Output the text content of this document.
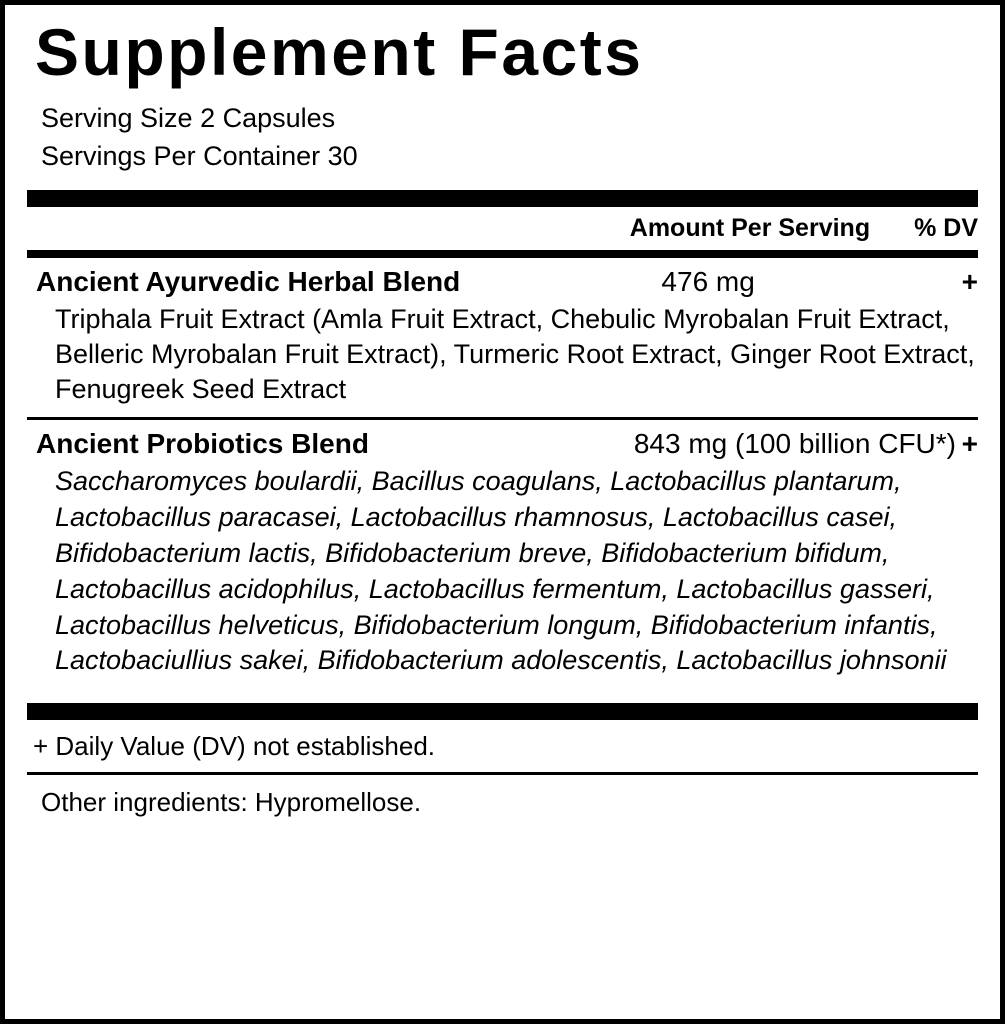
Supplement Facts
Serving Size 2 Capsules
Servings Per Container 30
Amount Per Serving	% DV
Ancient Ayurvedic Herbal Blend	476 mg	+
Triphala Fruit Extract (Amla Fruit Extract, Chebulic Myrobalan Fruit Extract, Belleric Myrobalan Fruit Extract), Turmeric Root Extract, Ginger Root Extract, Fenugreek Seed Extract
Ancient Probiotics Blend	843 mg (100 billion CFU*) +
Saccharomyces boulardii, Bacillus coagulans, Lactobacillus plantarum, Lactobacillus paracasei, Lactobacillus rhamnosus, Lactobacillus casei, Bifidobacterium lactis, Bifidobacterium breve, Bifidobacterium bifidum, Lactobacillus acidophilus, Lactobacillus fermentum, Lactobacillus gasseri, Lactobacillus helveticus, Bifidobacterium longum, Bifidobacterium infantis, Lactobaciullius sakei, Bifidobacterium adolescentis, Lactobacillus johnsonii
+ Daily Value (DV) not established.
Other ingredients: Hypromellose.
